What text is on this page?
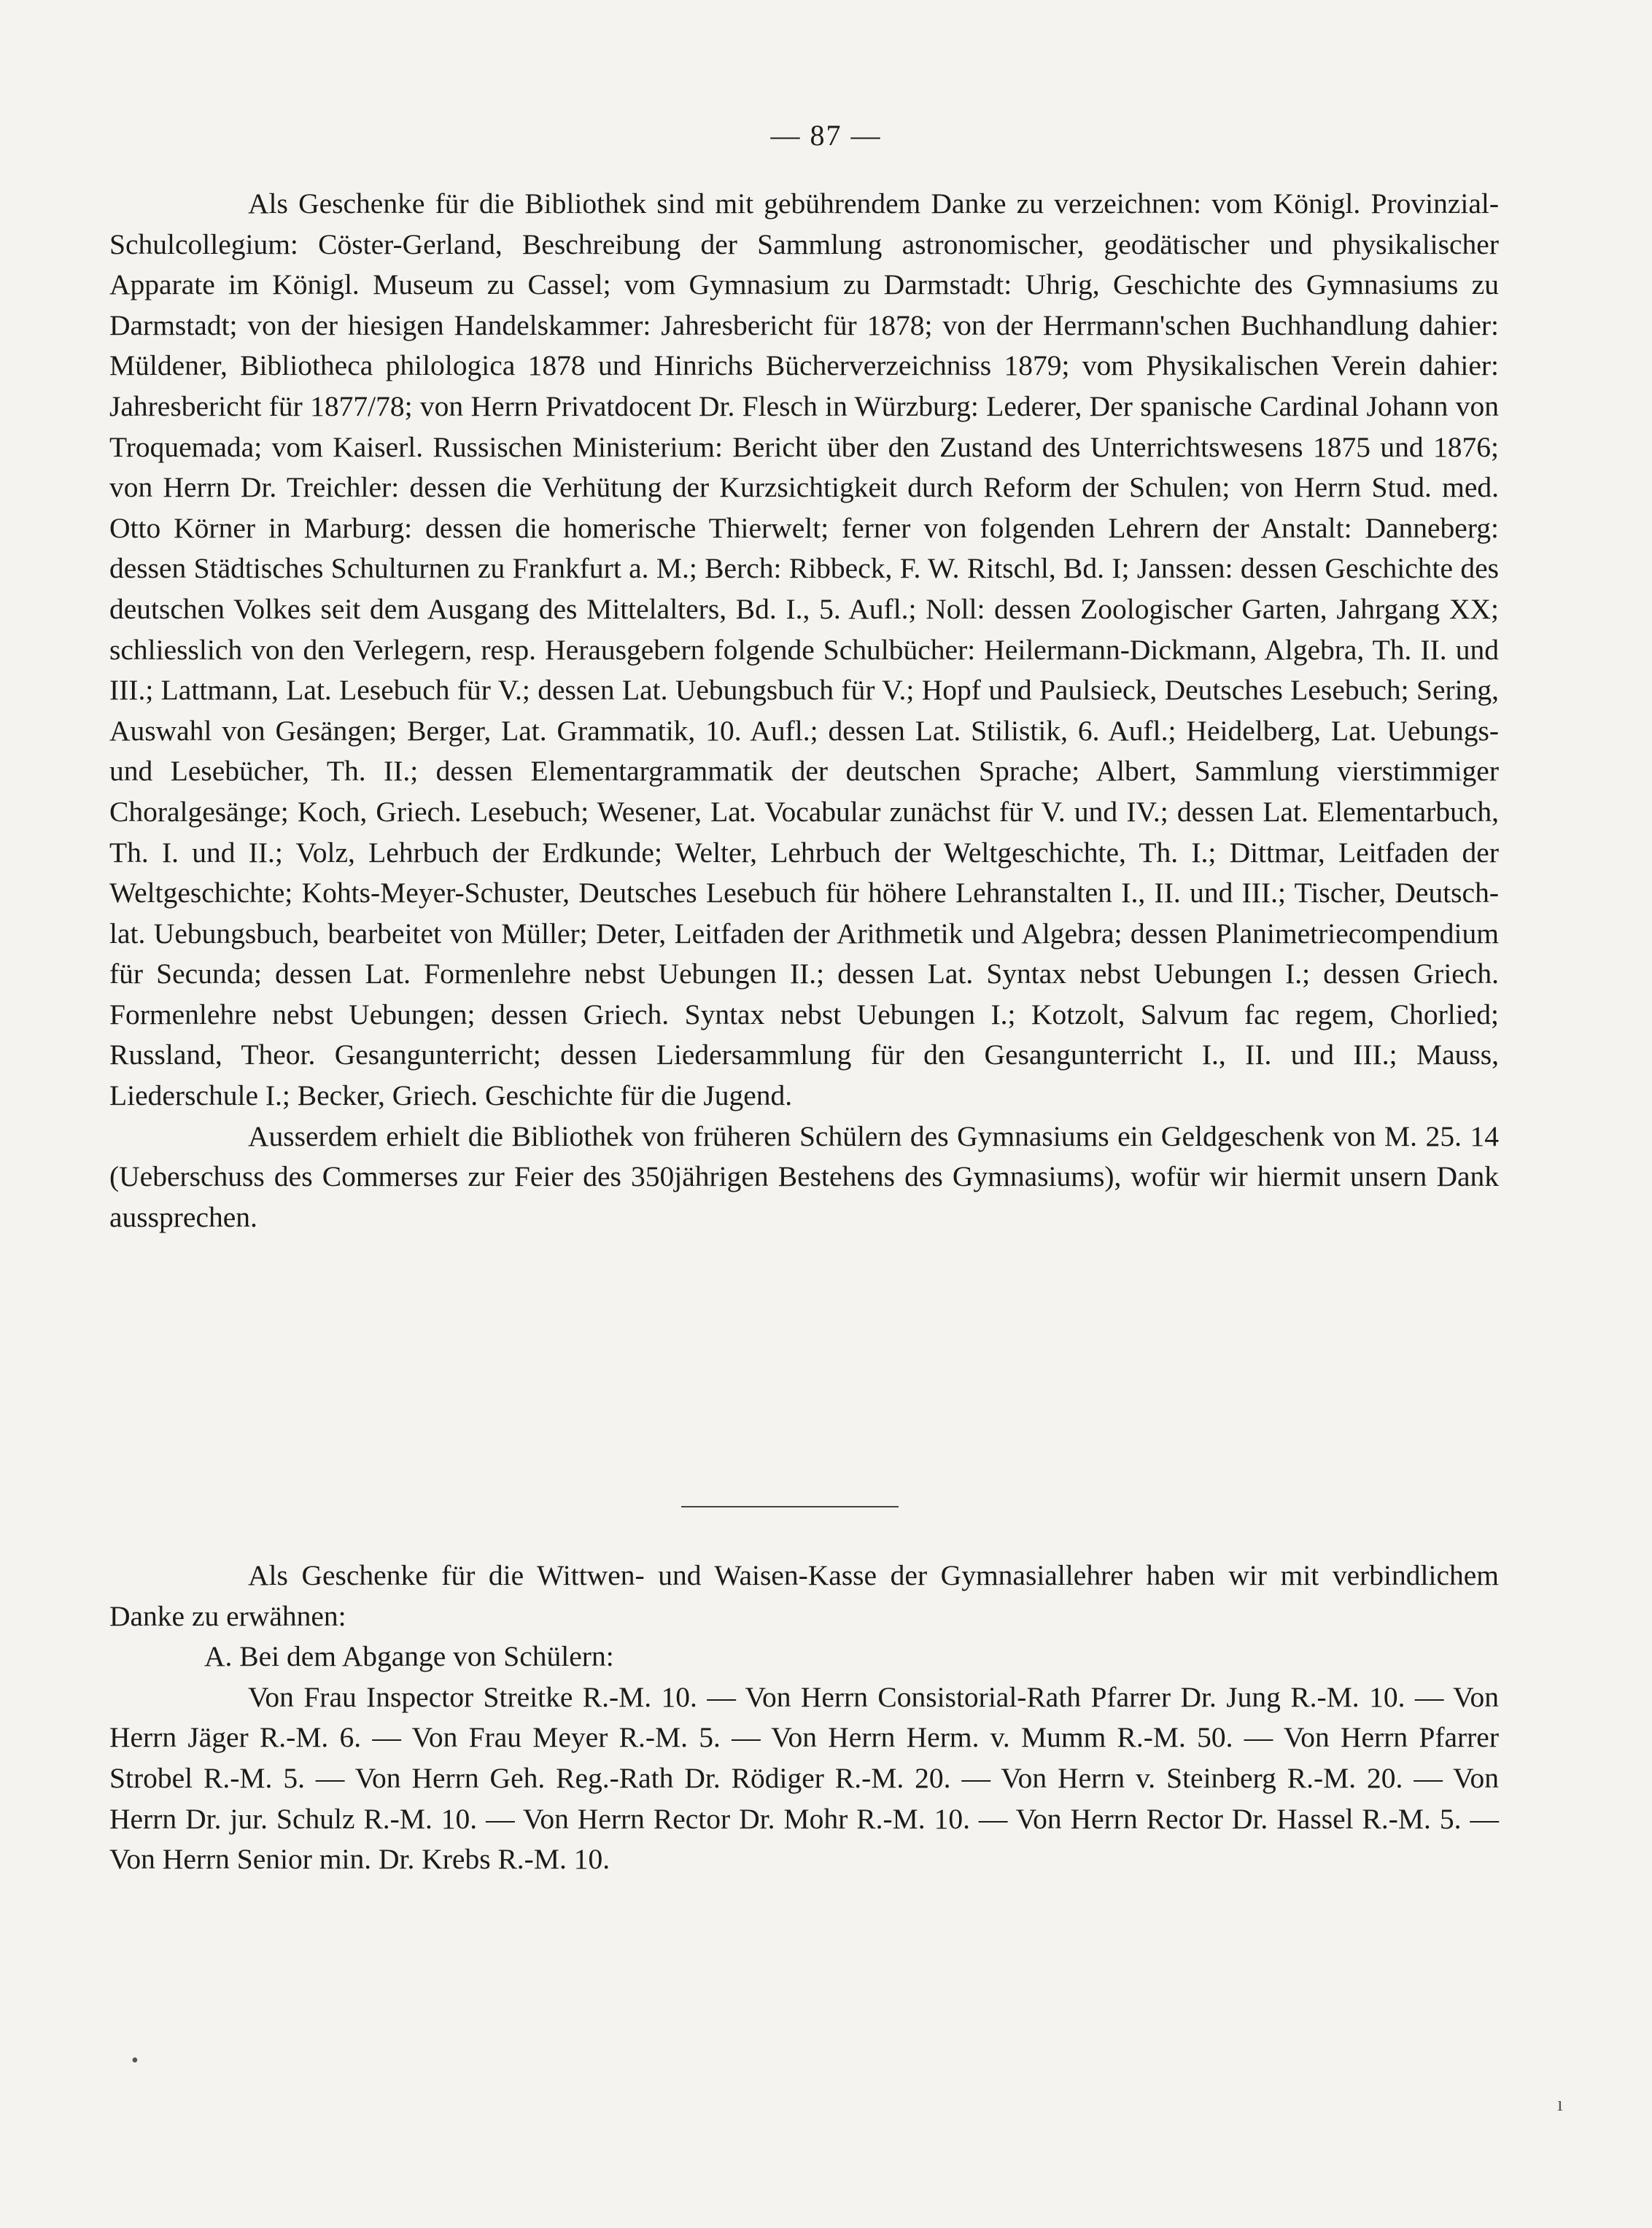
— 87 —

Als Geschenke für die Bibliothek sind mit gebührendem Danke zu verzeichnen: vom Königl. Provinzial-Schulcollegium: Cöster-Gerland, Beschreibung der Sammlung astronomischer, geodätischer und physikalischer Apparate im Königl. Museum zu Cassel; vom Gymnasium zu Darmstadt: Uhrig, Geschichte des Gymnasiums zu Darmstadt; von der hiesigen Handelskammer: Jahresbericht für 1878; von der Herrmann'schen Buchhandlung dahier: Müldener, Bibliotheca philologica 1878 und Hinrichs Bücherverzeichniss 1879; vom Physikalischen Verein dahier: Jahresbericht für 1877/78; von Herrn Privatdocent Dr. Flesch in Würzburg: Lederer, Der spanische Cardinal Johann von Troquemada; vom Kaiserl. Russischen Ministerium: Bericht über den Zustand des Unterrichtswesens 1875 und 1876; von Herrn Dr. Treichler: dessen die Verhütung der Kurzsichtigkeit durch Reform der Schulen; von Herrn Stud. med. Otto Körner in Marburg: dessen die homerische Thierwelt; ferner von folgenden Lehrern der Anstalt: Danneberg: dessen Städtisches Schulturnen zu Frankfurt a. M.; Berch: Ribbeck, F. W. Ritschl, Bd. I; Janssen: dessen Geschichte des deutschen Volkes seit dem Ausgang des Mittelalters, Bd. I., 5. Aufl.; Noll: dessen Zoologischer Garten, Jahrgang XX; schliesslich von den Verlegern, resp. Herausgebern folgende Schulbücher: Heilermann-Dickmann, Algebra, Th. II. und III.; Lattmann, Lat. Lesebuch für V.; dessen Lat. Uebungsbuch für V.; Hopf und Paulsieck, Deutsches Lesebuch; Sering, Auswahl von Gesängen; Berger, Lat. Grammatik, 10. Aufl.; dessen Lat. Stilistik, 6. Aufl.; Heidelberg, Lat. Uebungs- und Lesebücher, Th. II.; dessen Elementargrammatik der deutschen Sprache; Albert, Sammlung vierstimmiger Choralgesänge; Koch, Griech. Lesebuch; Wesener, Lat. Vocabular zunächst für V. und IV.; dessen Lat. Elementarbuch, Th. I. und II.; Volz, Lehrbuch der Erdkunde; Welter, Lehrbuch der Weltgeschichte, Th. I.; Dittmar, Leitfaden der Weltgeschichte; Kohts-Meyer-Schuster, Deutsches Lesebuch für höhere Lehranstalten I., II. und III.; Tischer, Deutsch-lat. Uebungsbuch, bearbeitet von Müller; Deter, Leitfaden der Arithmetik und Algebra; dessen Planimetriecompendium für Secunda; dessen Lat. Formenlehre nebst Uebungen II.; dessen Lat. Syntax nebst Uebungen I.; dessen Griech. Formenlehre nebst Uebungen; dessen Griech. Syntax nebst Uebungen I.; Kotzolt, Salvum fac regem, Chorlied; Russland, Theor. Gesangunterricht; dessen Liedersammlung für den Gesangunterricht I., II. und III.; Mauss, Liederschule I.; Becker, Griech. Geschichte für die Jugend.

Ausserdem erhielt die Bibliothek von früheren Schülern des Gymnasiums ein Geldgeschenk von M. 25. 14 (Ueberschuss des Commerses zur Feier des 350jährigen Bestehens des Gymnasiums), wofür wir hiermit unsern Dank aussprechen.

Als Geschenke für die Wittwen- und Waisen-Kasse der Gymnasiallehrer haben wir mit verbindlichem Danke zu erwähnen:

A. Bei dem Abgange von Schülern:

Von Frau Inspector Streitke R.-M. 10. — Von Herrn Consistorial-Rath Pfarrer Dr. Jung R.-M. 10. — Von Herrn Jäger R.-M. 6. — Von Frau Meyer R.-M. 5. — Von Herrn Herm. v. Mumm R.-M. 50. — Von Herrn Pfarrer Strobel R.-M. 5. — Von Herrn Geh. Reg.-Rath Dr. Rödiger R.-M. 20. — Von Herrn v. Steinberg R.-M. 20. — Von Herrn Dr. jur. Schulz R.-M. 10. — Von Herrn Rector Dr. Mohr R.-M. 10. — Von Herrn Rector Dr. Hassel R.-M. 5. — Von Herrn Senior min. Dr. Krebs R.-M. 10.

•
ı
